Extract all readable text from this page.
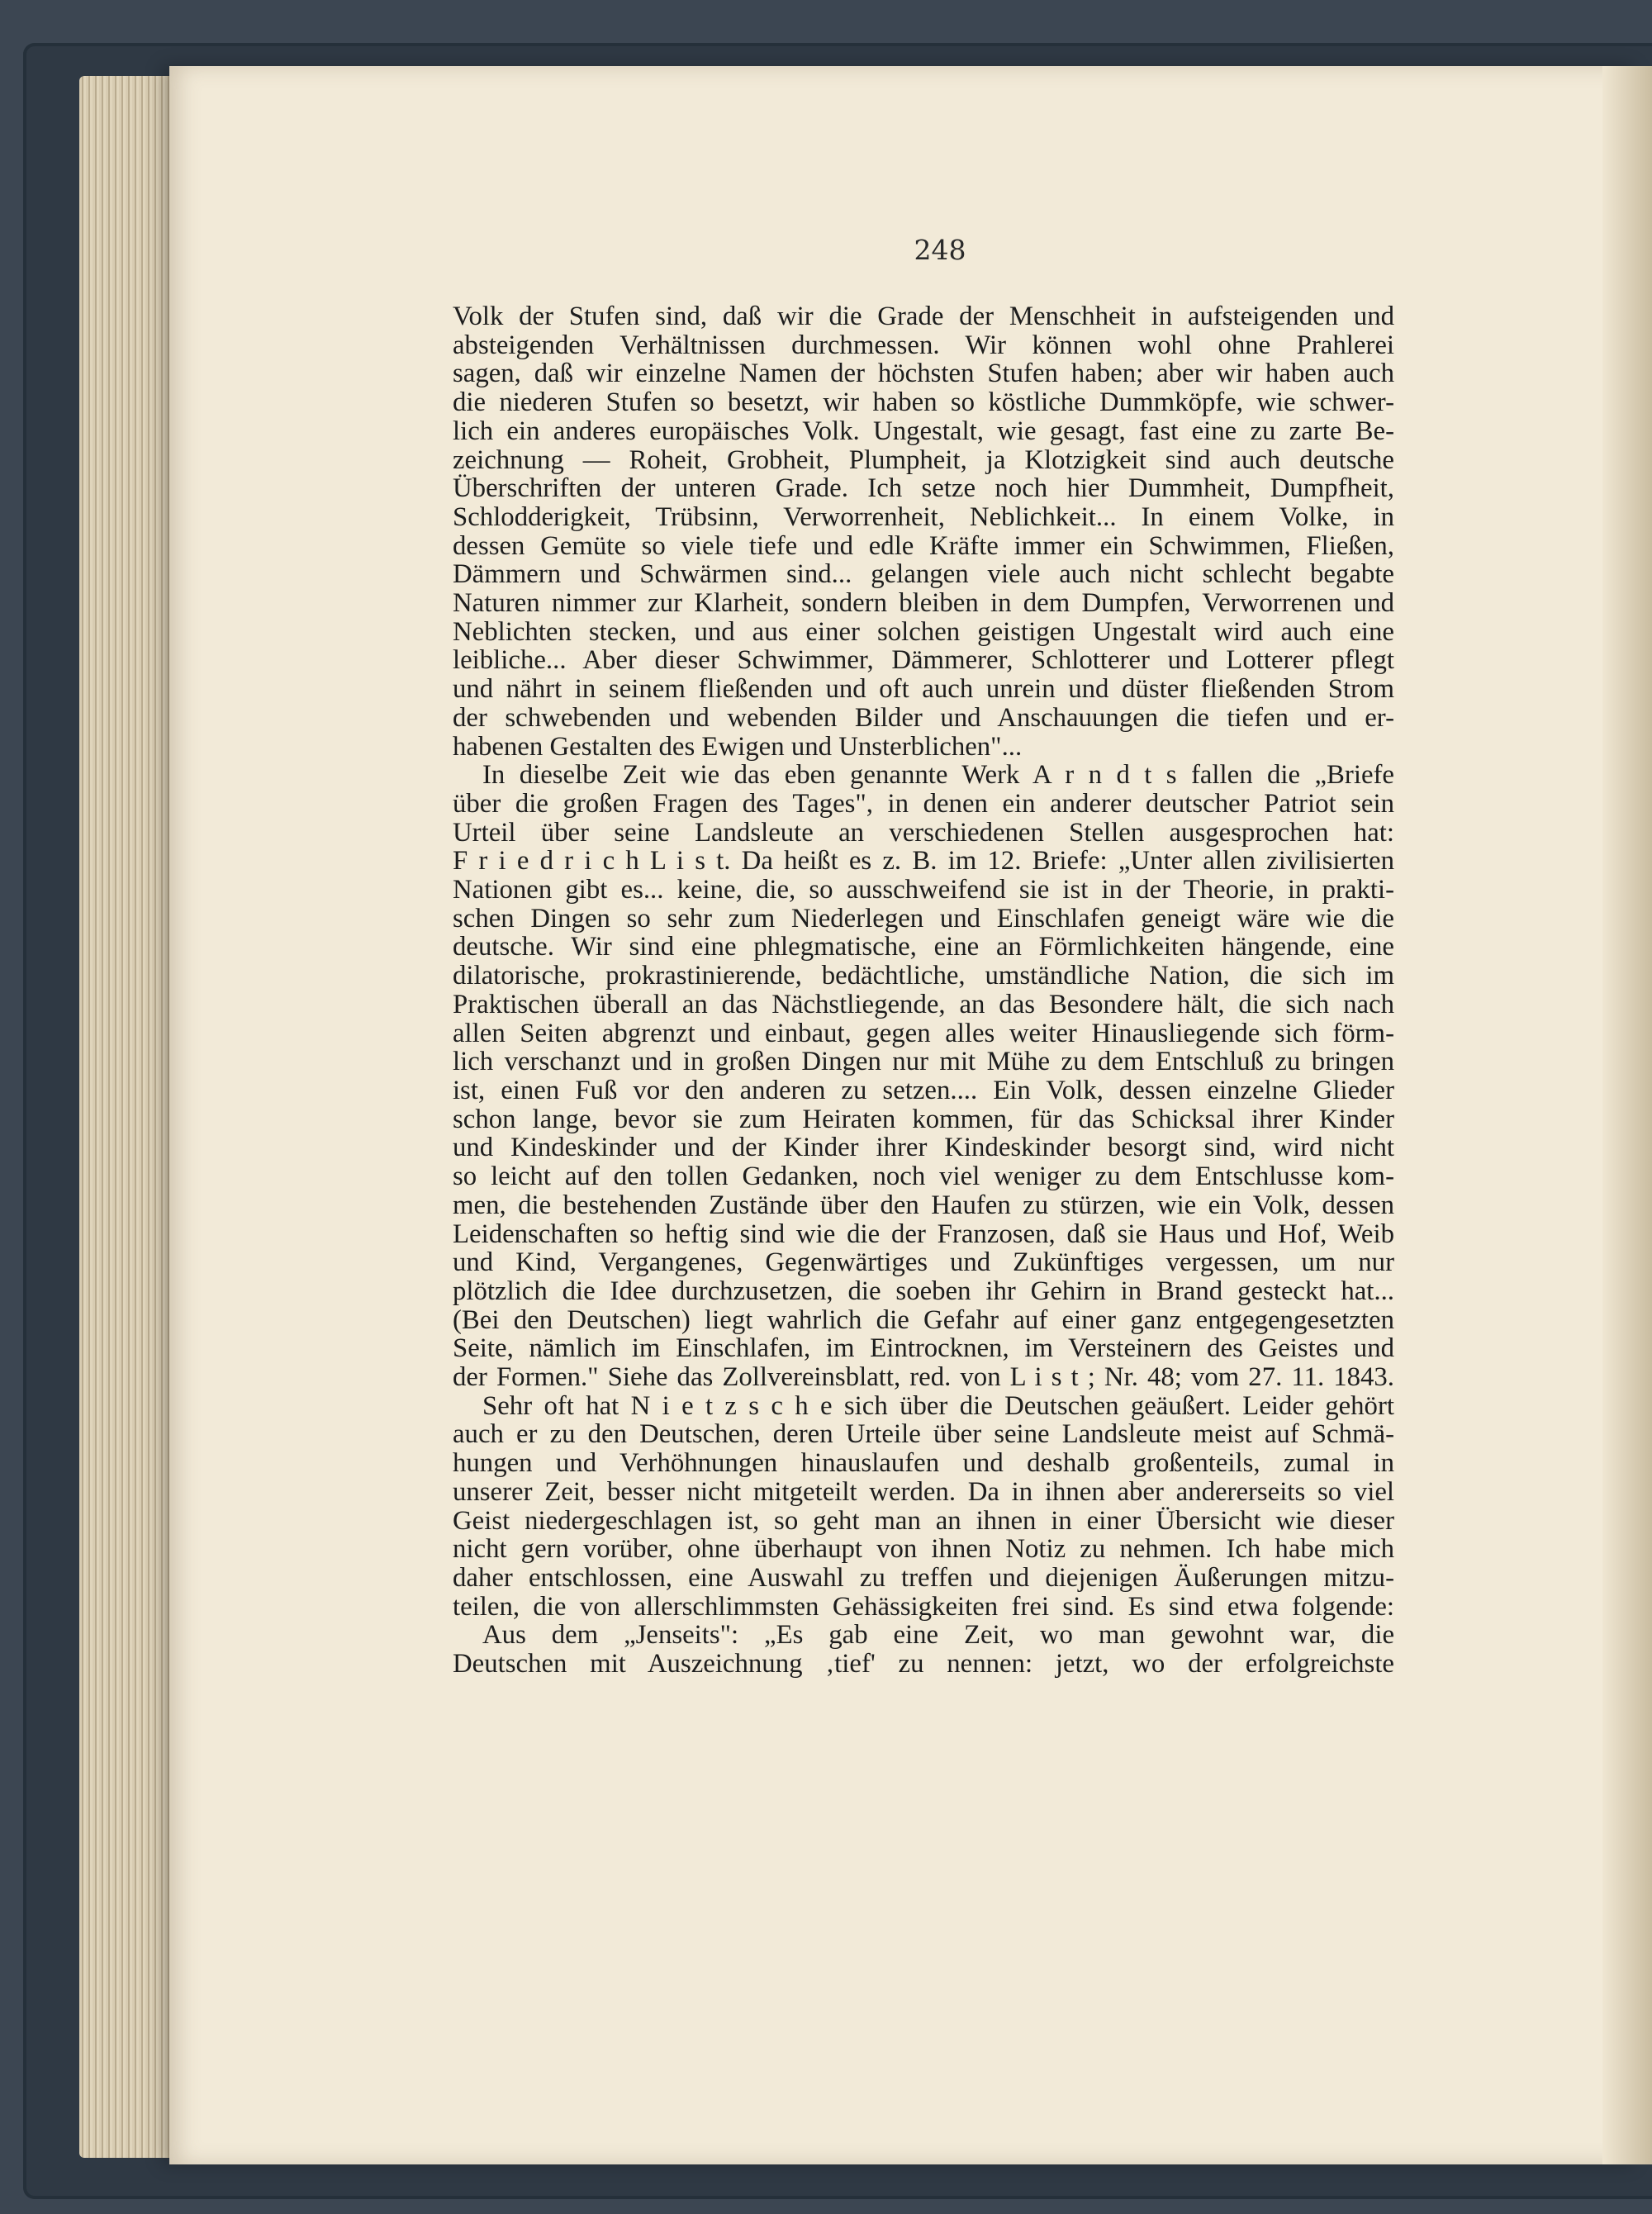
248
Volk der Stufen sind, daß wir die Grade der Menschheit in aufsteigenden und
absteigenden Verhältnissen durchmessen. Wir können wohl ohne Prahlerei
sagen, daß wir einzelne Namen der höchsten Stufen haben; aber wir haben auch
die niederen Stufen so besetzt, wir haben so köstliche Dummköpfe, wie schwer-
lich ein anderes europäisches Volk. Ungestalt, wie gesagt, fast eine zu zarte Be-
zeichnung — Roheit, Grobheit, Plumpheit, ja Klotzigkeit sind auch deutsche
Überschriften der unteren Grade. Ich setze noch hier Dummheit, Dumpfheit,
Schlodderigkeit, Trübsinn, Verworrenheit, Neblichkeit... In einem Volke, in
dessen Gemüte so viele tiefe und edle Kräfte immer ein Schwimmen, Fließen,
Dämmern und Schwärmen sind... gelangen viele auch nicht schlecht begabte
Naturen nimmer zur Klarheit, sondern bleiben in dem Dumpfen, Verworrenen und
Neblichten stecken, und aus einer solchen geistigen Ungestalt wird auch eine
leibliche... Aber dieser Schwimmer, Dämmerer, Schlotterer und Lotterer pflegt
und nährt in seinem fließenden und oft auch unrein und düster fließenden Strom
der schwebenden und webenden Bilder und Anschauungen die tiefen und er-
habenen Gestalten des Ewigen und Unsterblichen"...
In dieselbe Zeit wie das eben genannte Werk A r n d t s fallen die „Briefe
über die großen Fragen des Tages", in denen ein anderer deutscher Patriot sein
Urteil über seine Landsleute an verschiedenen Stellen ausgesprochen hat:
F r i e d r i c h L i s t. Da heißt es z. B. im 12. Briefe: „Unter allen zivilisierten
Nationen gibt es... keine, die, so ausschweifend sie ist in der Theorie, in prakti-
schen Dingen so sehr zum Niederlegen und Einschlafen geneigt wäre wie die
deutsche. Wir sind eine phlegmatische, eine an Förmlichkeiten hängende, eine
dilatorische, prokrastinierende, bedächtliche, umständliche Nation, die sich im
Praktischen überall an das Nächstliegende, an das Besondere hält, die sich nach
allen Seiten abgrenzt und einbaut, gegen alles weiter Hinausliegende sich förm-
lich verschanzt und in großen Dingen nur mit Mühe zu dem Entschluß zu bringen
ist, einen Fuß vor den anderen zu setzen.... Ein Volk, dessen einzelne Glieder
schon lange, bevor sie zum Heiraten kommen, für das Schicksal ihrer Kinder
und Kindeskinder und der Kinder ihrer Kindeskinder besorgt sind, wird nicht
so leicht auf den tollen Gedanken, noch viel weniger zu dem Entschlusse kom-
men, die bestehenden Zustände über den Haufen zu stürzen, wie ein Volk, dessen
Leidenschaften so heftig sind wie die der Franzosen, daß sie Haus und Hof, Weib
und Kind, Vergangenes, Gegenwärtiges und Zukünftiges vergessen, um nur
plötzlich die Idee durchzusetzen, die soeben ihr Gehirn in Brand gesteckt hat...
(Bei den Deutschen) liegt wahrlich die Gefahr auf einer ganz entgegengesetzten
Seite, nämlich im Einschlafen, im Eintrocknen, im Versteinern des Geistes und
der Formen." Siehe das Zollvereinsblatt, red. von L i s t ; Nr. 48; vom 27. 11. 1843.
Sehr oft hat N i e t z s c h e sich über die Deutschen geäußert. Leider gehört
auch er zu den Deutschen, deren Urteile über seine Landsleute meist auf Schmä-
hungen und Verhöhnungen hinauslaufen und deshalb großenteils, zumal in
unserer Zeit, besser nicht mitgeteilt werden. Da in ihnen aber andererseits so viel
Geist niedergeschlagen ist, so geht man an ihnen in einer Übersicht wie dieser
nicht gern vorüber, ohne überhaupt von ihnen Notiz zu nehmen. Ich habe mich
daher entschlossen, eine Auswahl zu treffen und diejenigen Äußerungen mitzu-
teilen, die von allerschlimmsten Gehässigkeiten frei sind. Es sind etwa folgende:
Aus dem „Jenseits": „Es gab eine Zeit, wo man gewohnt war, die
Deutschen mit Auszeichnung ‚tief' zu nennen: jetzt, wo der erfolgreichste
